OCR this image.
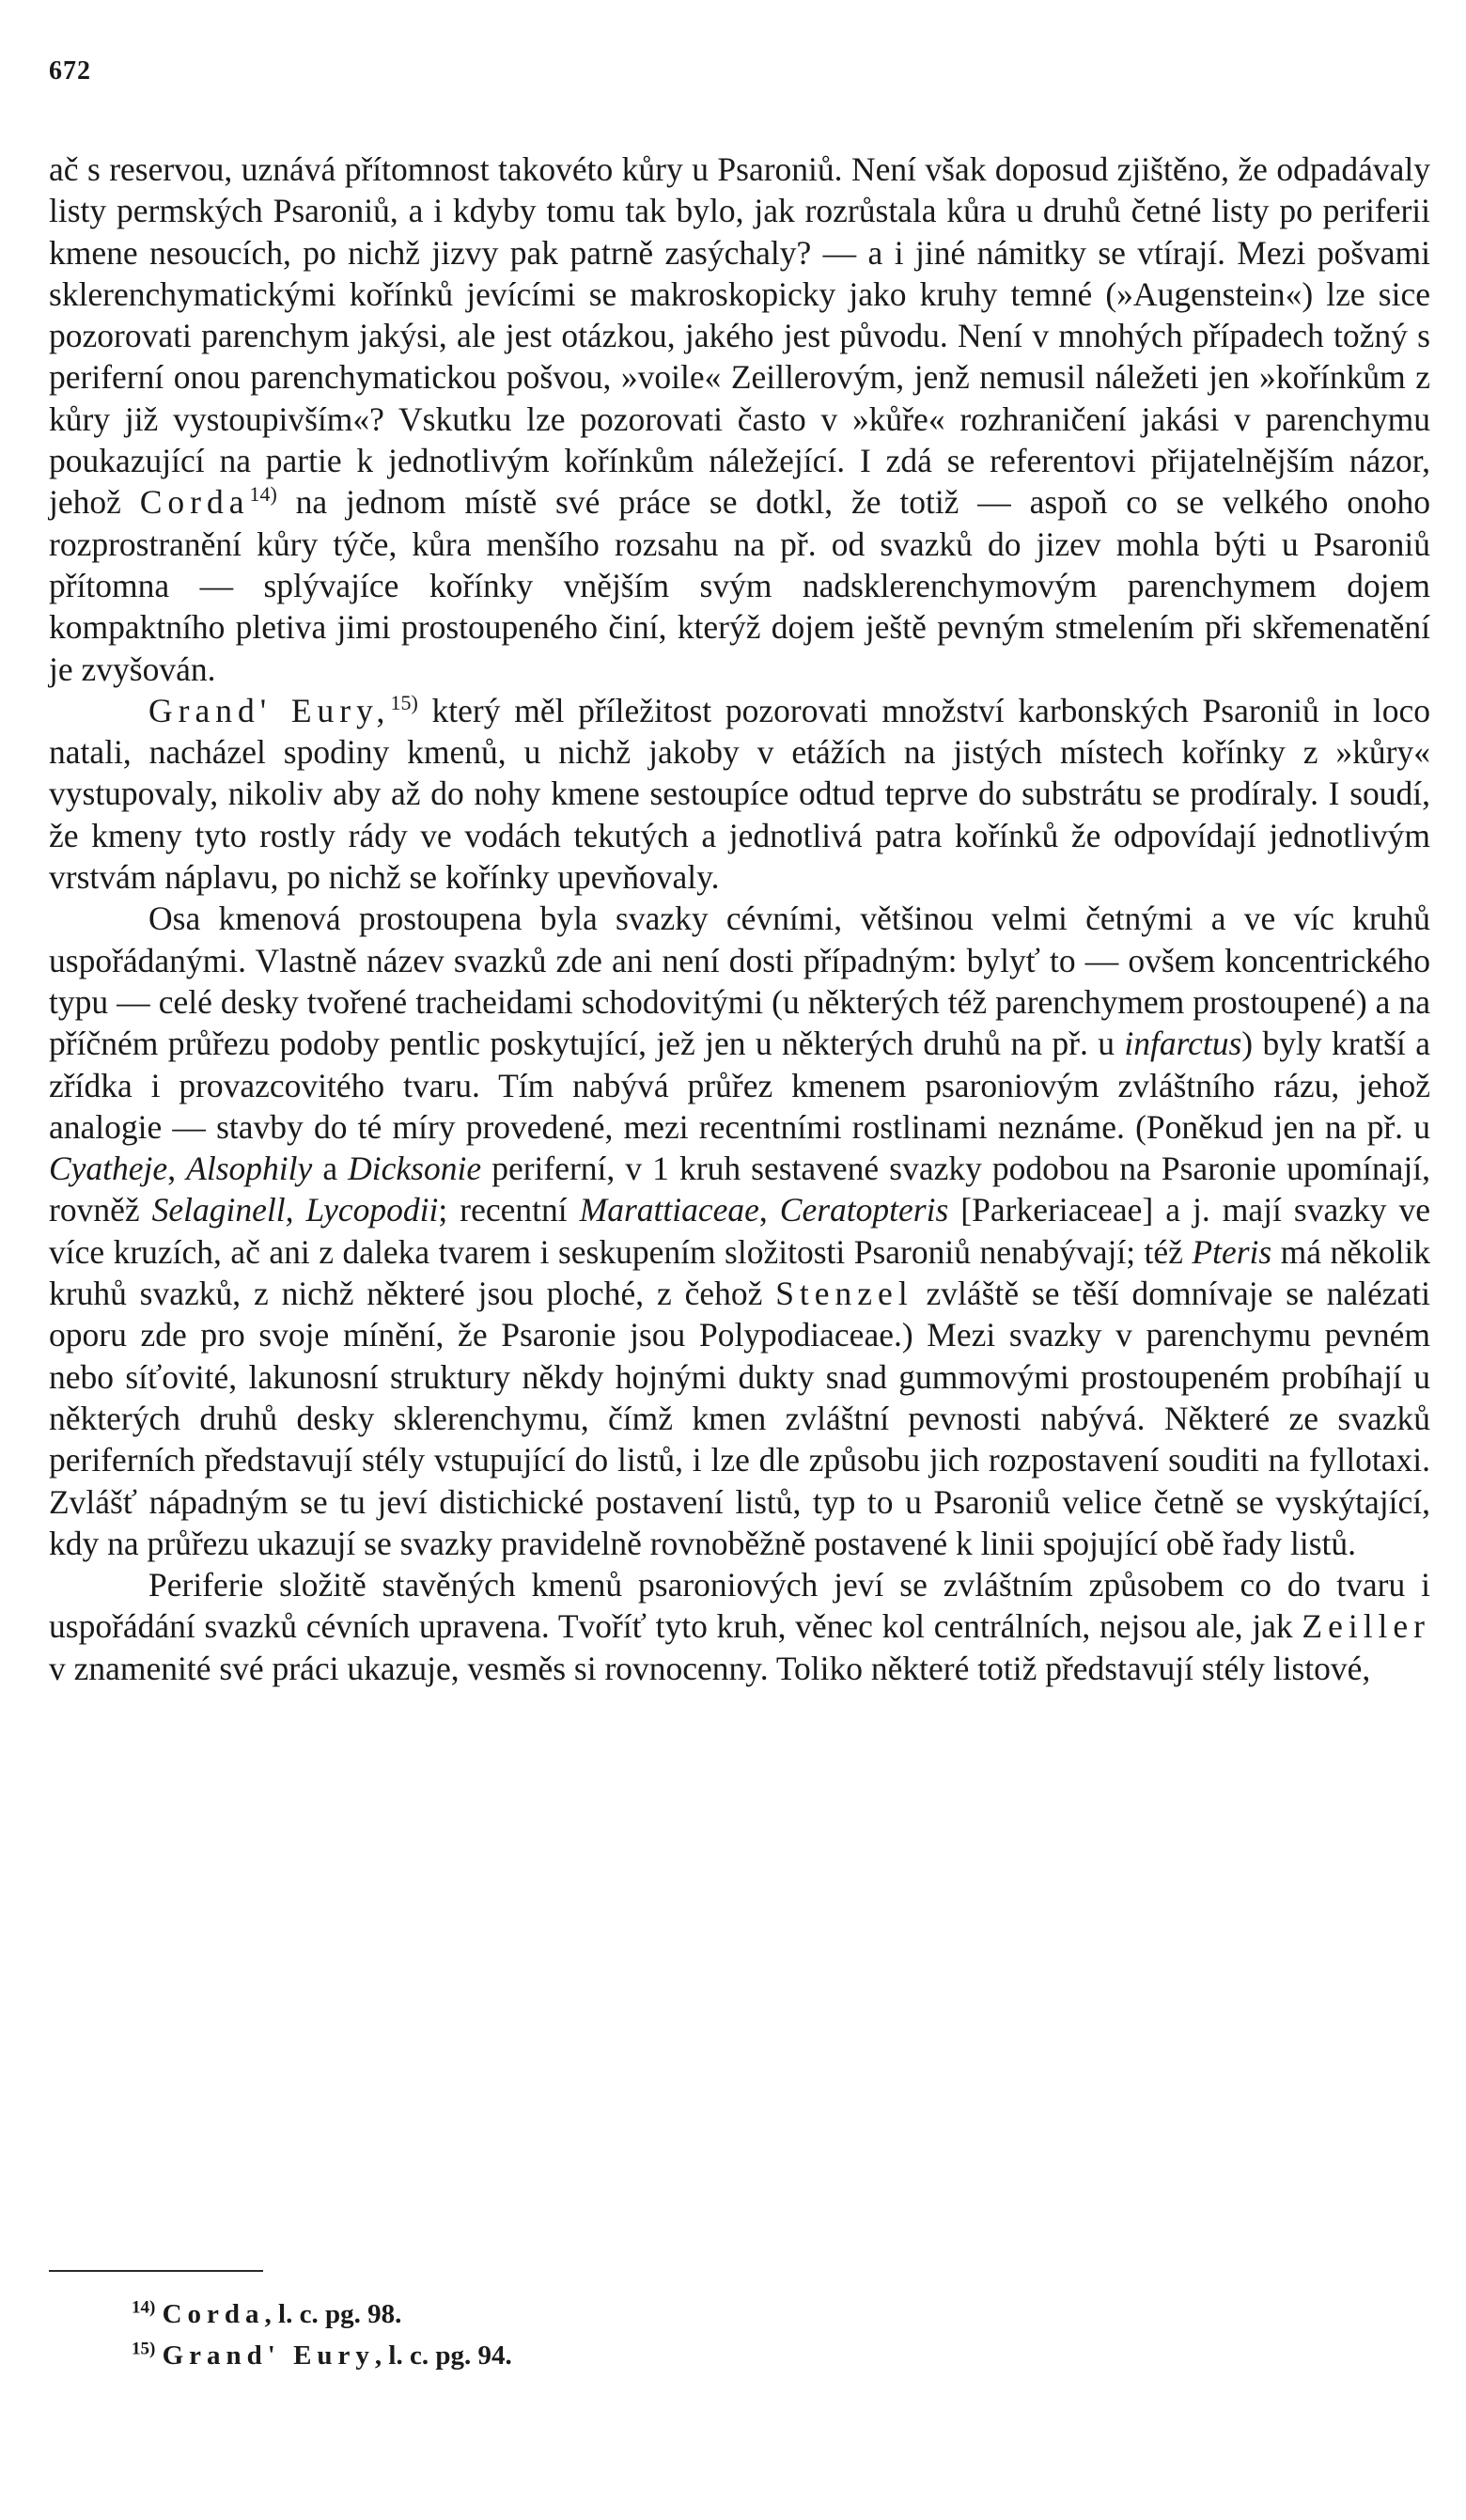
672

ač s reservou, uznává přítomnost takovéto kůry u Psaroniů. Není však doposud zjištěno, že odpadávaly listy permských Psaroniů, a i kdyby tomu tak bylo, jak rozrůstala kůra u druhů četné listy po periferii kmene nesoucích, po nichž jizvy pak patrně zasýchaly? — a i jiné námitky se vtírají. Mezi pošvami sklerenchymatickými kořínků jevícími se makroskopicky jako kruhy temné (»Augenstein«) lze sice pozorovati parenchym jakýsi, ale jest otázkou, jakého jest původu. Není v mnohých případech tožný s periferní onou parenchymatickou pošvou, »voile« Zeillerovým, jenž nemusil náležeti jen »kořínkům z kůry již vystoupivším«? Vskutku lze pozorovati často v »kůře« rozhraničení jakási v parenchymu poukazující na partie k jednotlivým kořínkům náležející. I zdá se referentovi přijatelnějším názor, jehož Corda$^{14)}$ na jednom místě své práce se dotkl, že totiž — aspoň co se velkého onoho rozprostranění kůry týče, kůra menšího rozsahu na př. od svazků do jizev mohla býti u Psaroniů přítomna — splývajíce kořínky vnějším svým nadsklerenchymovým parenchymem dojem kompaktního pletiva jimi prostoupeného činí, kterýž dojem ještě pevným stmelením při skřemenatění je zvyšován.

Grand' Eury,$^{15)}$ který měl příležitost pozorovati množství karbonských Psaroniů in loco natali, nacházel spodiny kmenů, u nichž jakoby v etážích na jistých místech kořínky z »kůry« vystupovaly, nikoliv aby až do nohy kmene sestoupíce odtud teprve do substrátu se prodíraly. I soudí, že kmeny tyto rostly rády ve vodách tekutých a jednotlivá patra kořínků že odpovídají jednotlivým vrstvám náplavu, po nichž se kořínky upevňovaly.

Osa kmenová prostoupena byla svazky cévními, většinou velmi četnými a ve víc kruhů uspořádanými. Vlastně název svazků zde ani není dosti případným: bylyť to — ovšem koncentrického typu — celé desky tvořené tracheidami schodovitými (u některých též parenchymem prostoupené) a na příčném průřezu podoby pentlic poskytující, jež jen u některých druhů na př. u infarctus) byly kratší a zřídka i provazcovitého tvaru. Tím nabývá průřez kmenem psaroniovým zvláštního rázu, jehož analogie — stavby do té míry provedené, mezi recentními rostlinami neznáme. (Poněkud jen na př. u Cyatheje, Alsophily a Dicksonie periferní, v 1 kruh sestavené svazky podobou na Psaronie upomínají, rovněž Selaginell, Lycopodii; recentní Marattiaceae, Ceratopteris [Parkeriaceae] a j. mají svazky ve více kruzích, ač ani z daleka tvarem i seskupením složitosti Psaroniů nenabývají; též Pteris má několik kruhů svazků, z nichž některé jsou ploché, z čehož Stenzel zvláště se těší domnívaje se nalézati oporu zde pro svoje mínění, že Psaronie jsou Polypodiaceae.) Mezi svazky v parenchymu pevném nebo síťovité, lakunosní struktury někdy hojnými dukty snad gummovými prostoupeném probíhají u některých druhů desky sklerenchymu, čímž kmen zvláštní pevnosti nabývá. Některé ze svazků periferních představují stély vstupující do listů, i lze dle způsobu jich rozpostavení souditi na fyllotaxi. Zvlášť nápadným se tu jeví distichické postavení listů, typ to u Psaroniů velice četně se vyskýtající, kdy na průřezu ukazují se svazky pravidelně rovnoběžně postavené k linii spojující obě řady listů.

Periferie složitě stavěných kmenů psaroniových jeví se zvláštním způsobem co do tvaru i uspořádání svazků cévních upravena. Tvoříť tyto kruh, věnec kol centrálních, nejsou ale, jak Zeiller v znamenité své práci ukazuje, vesměs si rovnocenny. Toliko některé totiž představují stély listové,

$^{14)}$ Corda, l. c. pg. 98.
$^{15)}$ Grand' Eury, l. c. pg. 94.
